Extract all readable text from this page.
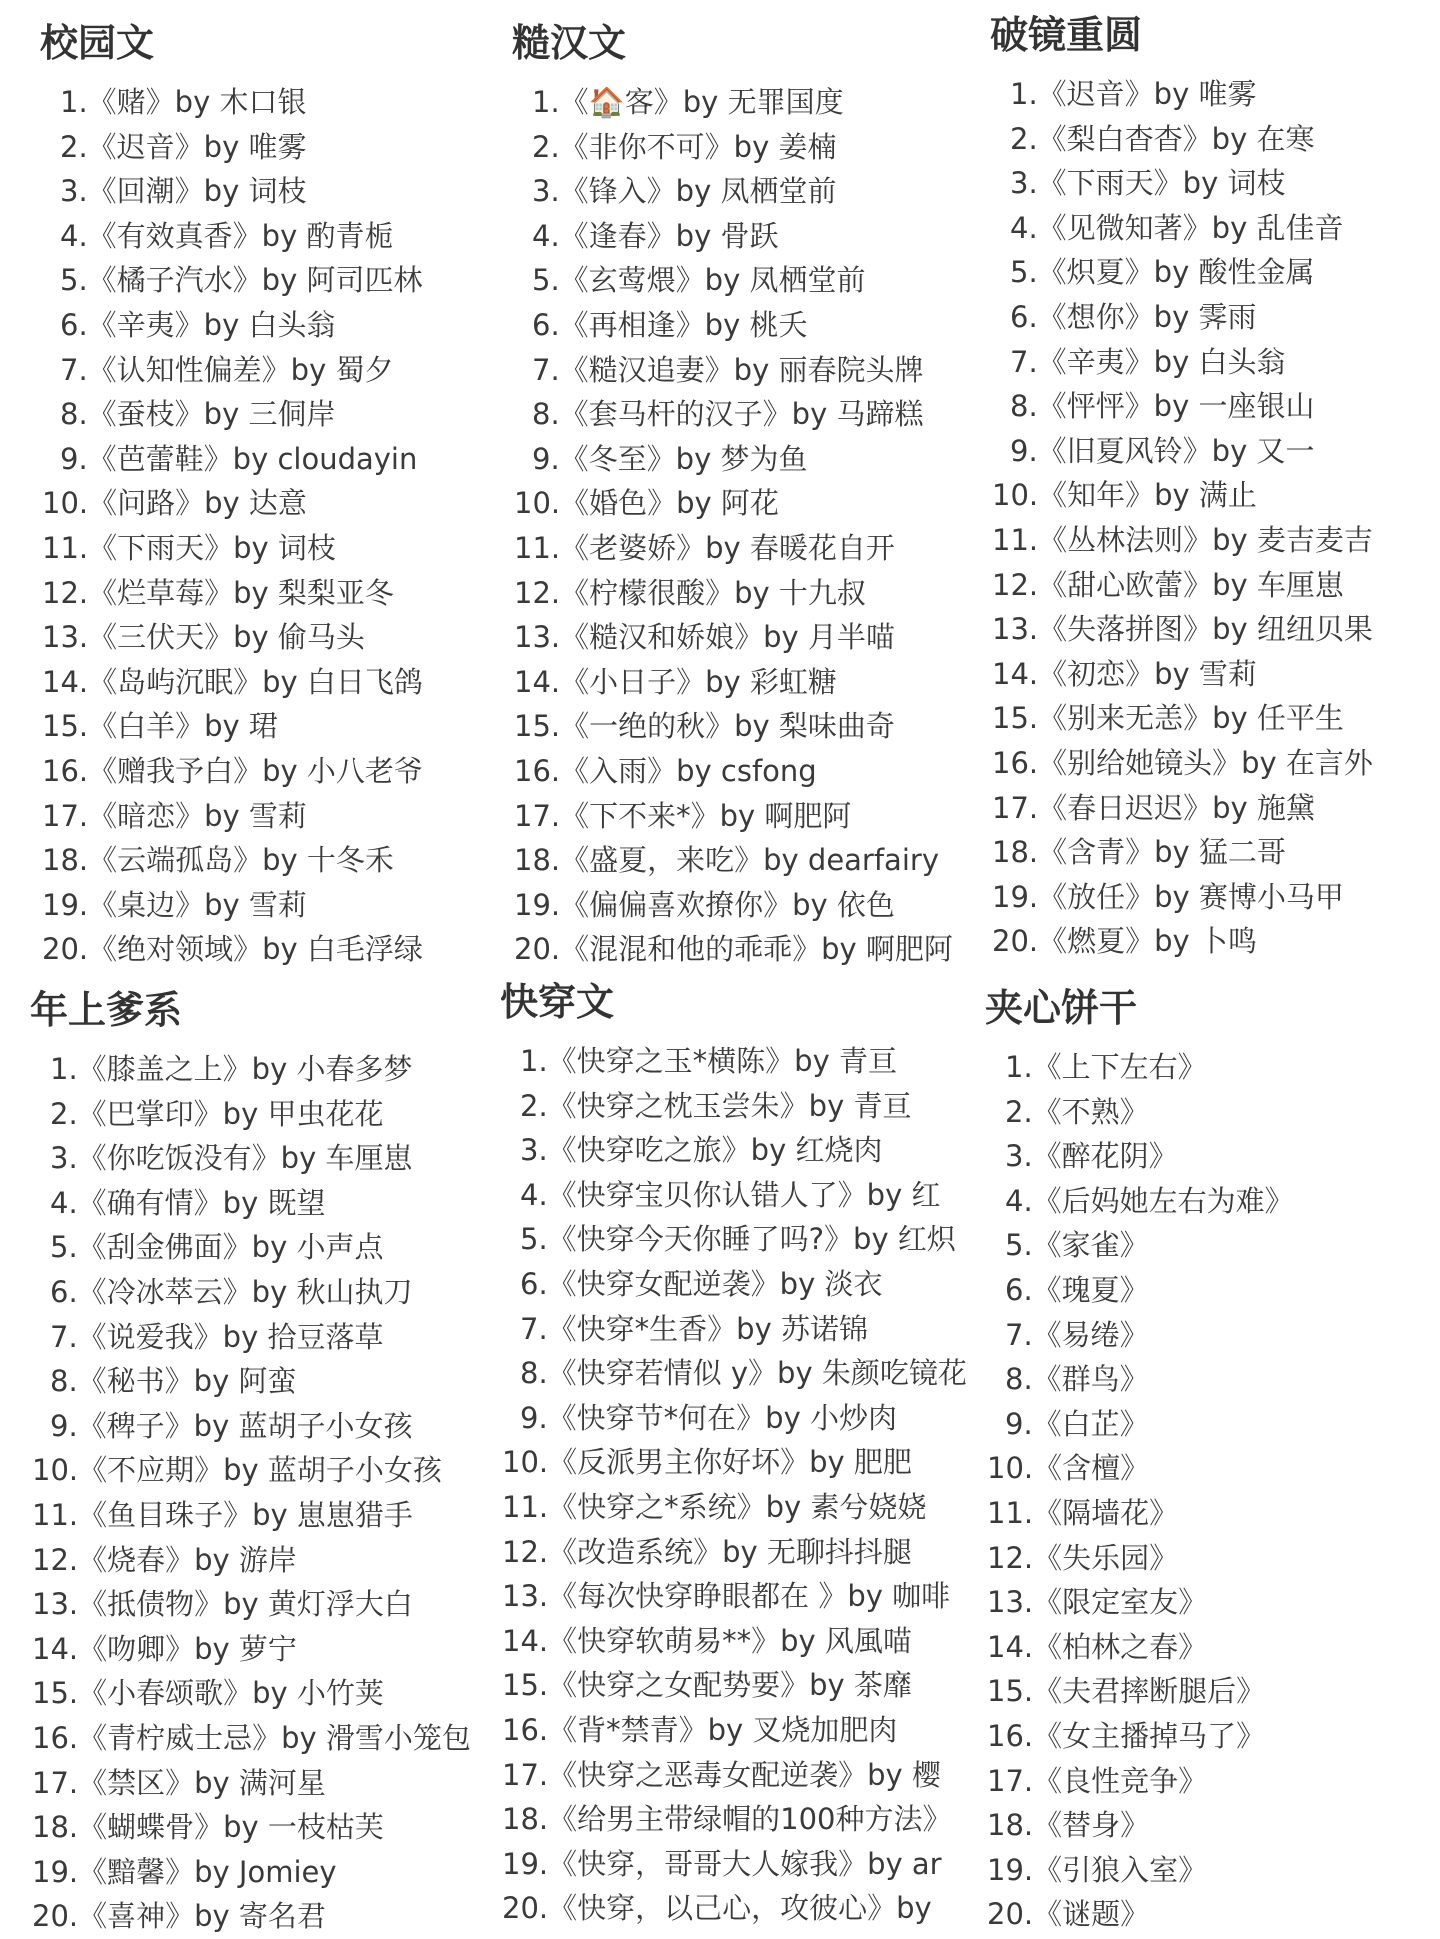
校园文
1.《赌》by 木口银
2.《迟音》by 唯雾
3.《回潮》by 词枝
4.《有效真香》by 酌青栀
5.《橘子汽水》by 阿司匹林
6.《辛夷》by 白头翁
7.《认知性偏差》by 蜀夕
8.《蚕枝》by 三侗岸
9.《芭蕾鞋》by cloudayin
10.《问路》by 达意
11.《下雨天》by 词枝
12.《烂草莓》by 梨梨亚冬
13.《三伏天》by 偷马头
14.《岛屿沉眠》by 白日飞鸽
15.《白羊》by 珺
16.《赠我予白》by 小八老爷
17.《暗恋》by 雪莉
18.《云端孤岛》by 十冬禾
19.《桌边》by 雪莉
20.《绝对领域》by 白毛浮绿
糙汉文
1.《🏠客》by 无罪国度
2.《非你不可》by 姜楠
3.《锋入》by 凤栖堂前
4.《逢春》by 骨跃
5.《玄莺煨》by 凤栖堂前
6.《再相逢》by 桃夭
7.《糙汉追妻》by 丽春院头牌
8.《套马杆的汉子》by 马蹄糕
9.《冬至》by 梦为鱼
10.《婚色》by 阿花
11.《老婆娇》by 春暖花自开
12.《柠檬很酸》by 十九叔
13.《糙汉和娇娘》by 月半喵
14.《小日子》by 彩虹糖
15.《一绝的秋》by 梨味曲奇
16.《入雨》by csfong
17.《下不来*》by 啊肥阿
18.《盛夏，来吃》by dearfairy
19.《偏偏喜欢撩你》by 依色
20.《混混和他的乖乖》by 啊肥阿
破镜重圆
1.《迟音》by 唯雾
2.《梨白杳杳》by 在寒
3.《下雨天》by 词枝
4.《见微知著》by 乱佳音
5.《炽夏》by 酸性金属
6.《想你》by 霁雨
7.《辛夷》by 白头翁
8.《怦怦》by 一座银山
9.《旧夏风铃》by 又一
10.《知年》by 满止
11.《丛林法则》by 麦吉麦吉
12.《甜心欧蕾》by 车厘崽
13.《失落拼图》by 纽纽贝果
14.《初恋》by 雪莉
15.《别来无恙》by 任平生
16.《别给她镜头》by 在言外
17.《春日迟迟》by 施黛
18.《含青》by 猛二哥
19.《放任》by 赛博小马甲
20.《燃夏》by 卜鸣
年上爹系
1.《膝盖之上》by 小春多梦
2.《巴掌印》by 甲虫花花
3.《你吃饭没有》by 车厘崽
4.《确有情》by 既望
5.《刮金佛面》by 小声点
6.《冷冰萃云》by 秋山执刀
7.《说爱我》by 拾豆落草
8.《秘书》by 阿蛮
9.《稗子》by 蓝胡子小女孩
10.《不应期》by 蓝胡子小女孩
11.《鱼目珠子》by 崽崽猎手
12.《烧春》by 游岸
13.《抵债物》by 黄灯浮大白
14.《吻卿》by 萝宁
15.《小春颂歌》by 小竹荚
16.《青柠威士忌》by 滑雪小笼包
17.《禁区》by 满河星
18.《蝴蝶骨》by 一枝枯芙
19.《黯馨》by Jomiey
20.《喜神》by 寄名君
快穿文
1.《快穿之玉*横陈》by 青亘
2.《快穿之枕玉尝朱》by 青亘
3.《快穿吃之旅》by 红烧肉
4.《快穿宝贝你认错人了》by 红
5.《快穿今天你睡了吗?》by 红炽
6.《快穿女配逆袭》by 淡衣
7.《快穿*生香》by 苏诺锦
8.《快穿若情似 y》by 朱颜吃镜花
9.《快穿节*何在》by 小炒肉
10.《反派男主你好坏》by 肥肥
11.《快穿之*系统》by 素兮娆娆
12.《改造系统》by 无聊抖抖腿
13.《每次快穿睁眼都在 》by 咖啡
14.《快穿软萌易**》by 风風喵
15.《快穿之女配势要》by 茶靡
16.《背*禁青》by 叉烧加肥肉
17.《快穿之恶毒女配逆袭》by 樱
18.《给男主带绿帽的100种方法》
19.《快穿，哥哥大人嫁我》by ar
20.《快穿，以己心，攻彼心》by
夹心饼干
1.《上下左右》
2.《不熟》
3.《醉花阴》
4.《后妈她左右为难》
5.《家雀》
6.《瑰夏》
7.《易绻》
8.《群鸟》
9.《白芷》
10.《含檀》
11.《隔墙花》
12.《失乐园》
13.《限定室友》
14.《柏林之春》
15.《夫君摔断腿后》
16.《女主播掉马了》
17.《良性竞争》
18.《替身》
19.《引狼入室》
20.《谜题》
